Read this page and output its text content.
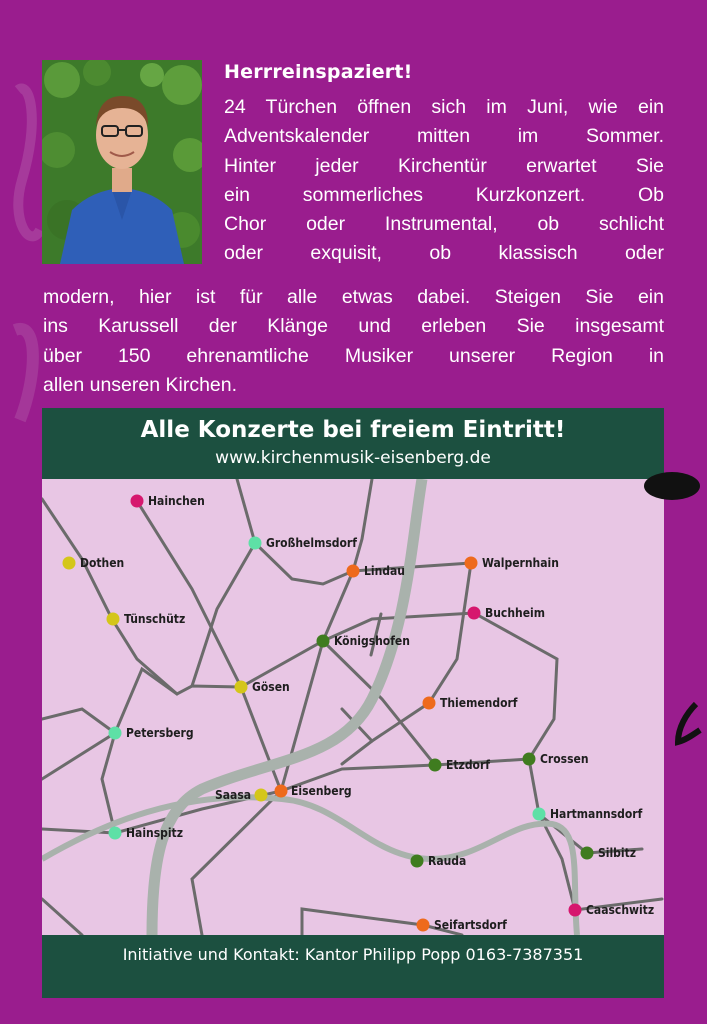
Herrreinspaziert!
24 Türchen öffnen sich im Juni, wie ein
Adventskalender mitten im Sommer.
Hinter jeder Kirchentür erwartet Sie
ein sommerliches Kurzkonzert. Ob
Chor oder Instrumental, ob schlicht
oder exquisit, ob klassisch oder
modern, hier ist für alle etwas dabei. Steigen Sie ein
ins Karussell der Klänge und erleben Sie insgesamt
über 150 ehrenamtliche Musiker unserer Region in
allen unseren Kirchen.
Alle Konzerte bei freiem Eintritt!
www.kirchenmusik-eisenberg.de
Hainchen
Großhelmsdorf
Dothen
Lindau
Walpernhain
Tünschütz	Buchheim
Königshofen
Gösen
Thiemendorf
Petersberg
Crossen
Etzdorf
Saasa	Eisenberg
Hartmannsdorf
Hainspitz
Silbitz
Rauda
Caaschwitz
Seifartsdorf
Initiative und Kontakt: Kantor Philipp Popp 0163-7387351
